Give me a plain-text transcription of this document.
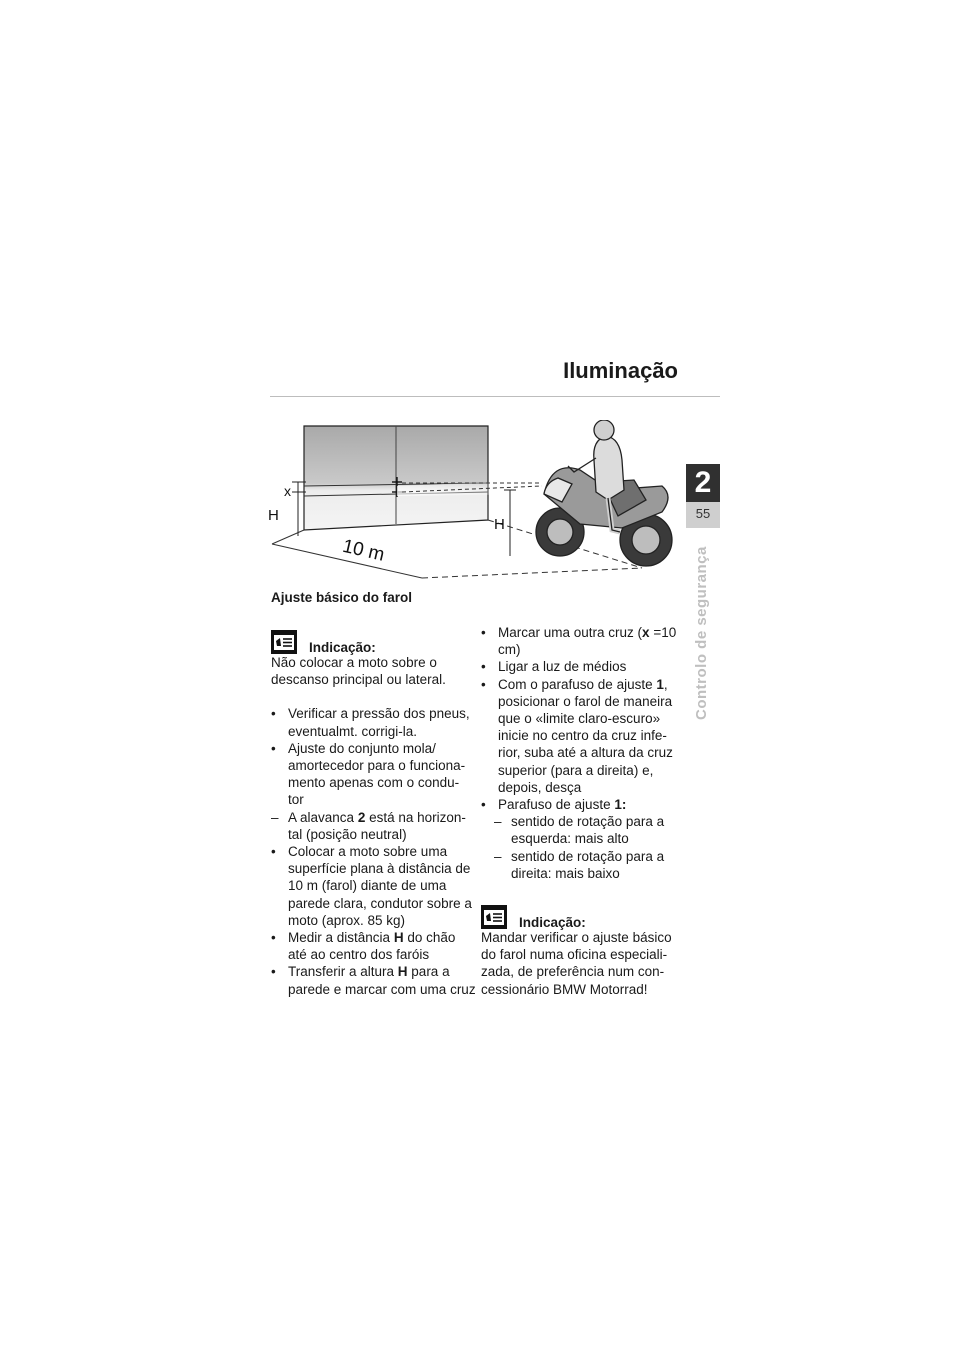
Iluminação
2
55
Controlo de segurança
x
H
H
10 m
Ajuste básico do farol
Indicação:

Não colocar a moto sobre o descanso principal ou lateral.

• Verificar a pressão dos pneus, eventualmt. corrigi-la.
• Ajuste do conjunto mola/ amortecedor para o funciona- mento apenas com o condu- tor
– A alavanca 2 está na horizon- tal (posição neutral)
• Colocar a moto sobre uma superfície plana à distância de 10 m (farol) diante de uma parede clara, condutor sobre a moto (aprox. 85 kg)
• Medir a distância H do chão até ao centro dos faróis
• Transferir a altura H para a parede e marcar com uma cruz
• Marcar uma outra cruz (x =10 cm)
• Ligar a luz de médios
• Com o parafuso de ajuste 1, posicionar o farol de maneira que o «limite claro-escuro» inicie no centro da cruz infe- rior, suba até a altura da cruz superior (para a direita) e, depois, desça
• Parafuso de ajuste 1:
– sentido de rotação para a esquerda: mais alto
– sentido de rotação para a direita: mais baixo
Indicação:

Mandar verificar o ajuste básico do farol numa oficina especiali- zada, de preferência num con- cessionário BMW Motorrad!
